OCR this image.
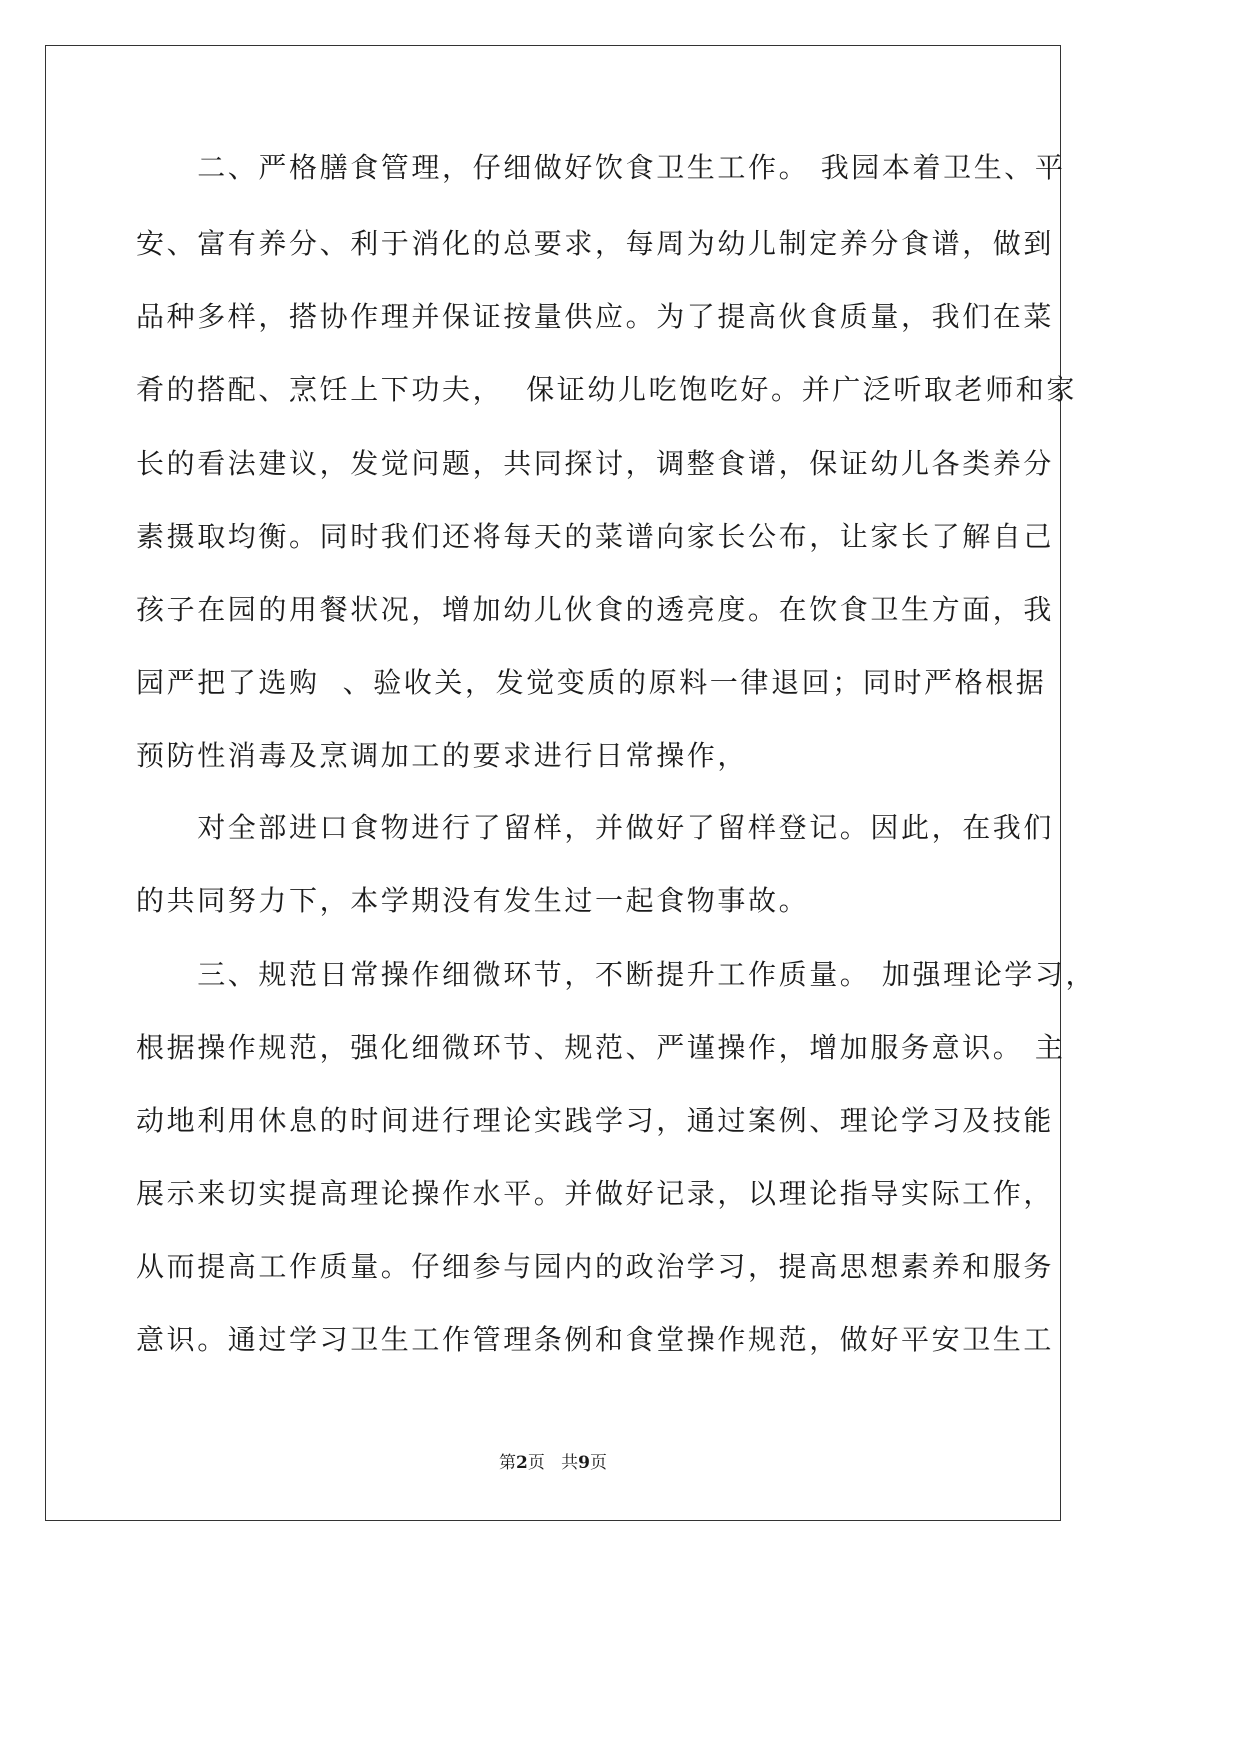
　　二、严格膳食管理，仔细做好饮食卫生工作。 我园本着卫生、平

安、富有养分、利于消化的总要求，每周为幼儿制定养分食谱，做到

品种多样，搭协作理并保证按量供应。为了提高伙食质量，我们在菜

肴的搭配、烹饪上下功夫，  保证幼儿吃饱吃好。并广泛听取老师和家

长的看法建议，发觉问题，共同探讨，调整食谱，保证幼儿各类养分

素摄取均衡。同时我们还将每天的菜谱向家长公布，让家长了解自己

孩子在园的用餐状况，增加幼儿伙食的透亮度。在饮食卫生方面，我

园严把了选购  、验收关，发觉变质的原料一律退回；同时严格根据

预防性消毒及烹调加工的要求进行日常操作，

　　对全部进口食物进行了留样，并做好了留样登记。因此，在我们

的共同努力下，本学期没有发生过一起食物事故。

　　三、规范日常操作细微环节，不断提升工作质量。 加强理论学习，

根据操作规范，强化细微环节、规范、严谨操作，增加服务意识。 主

动地利用休息的时间进行理论实践学习，通过案例、理论学习及技能

展示来切实提高理论操作水平。并做好记录，以理论指导实际工作，

从而提高工作质量。仔细参与园内的政治学习，提高思想素养和服务

意识。通过学习卫生工作管理条例和食堂操作规范，做好平安卫生工

第2页   共9页
